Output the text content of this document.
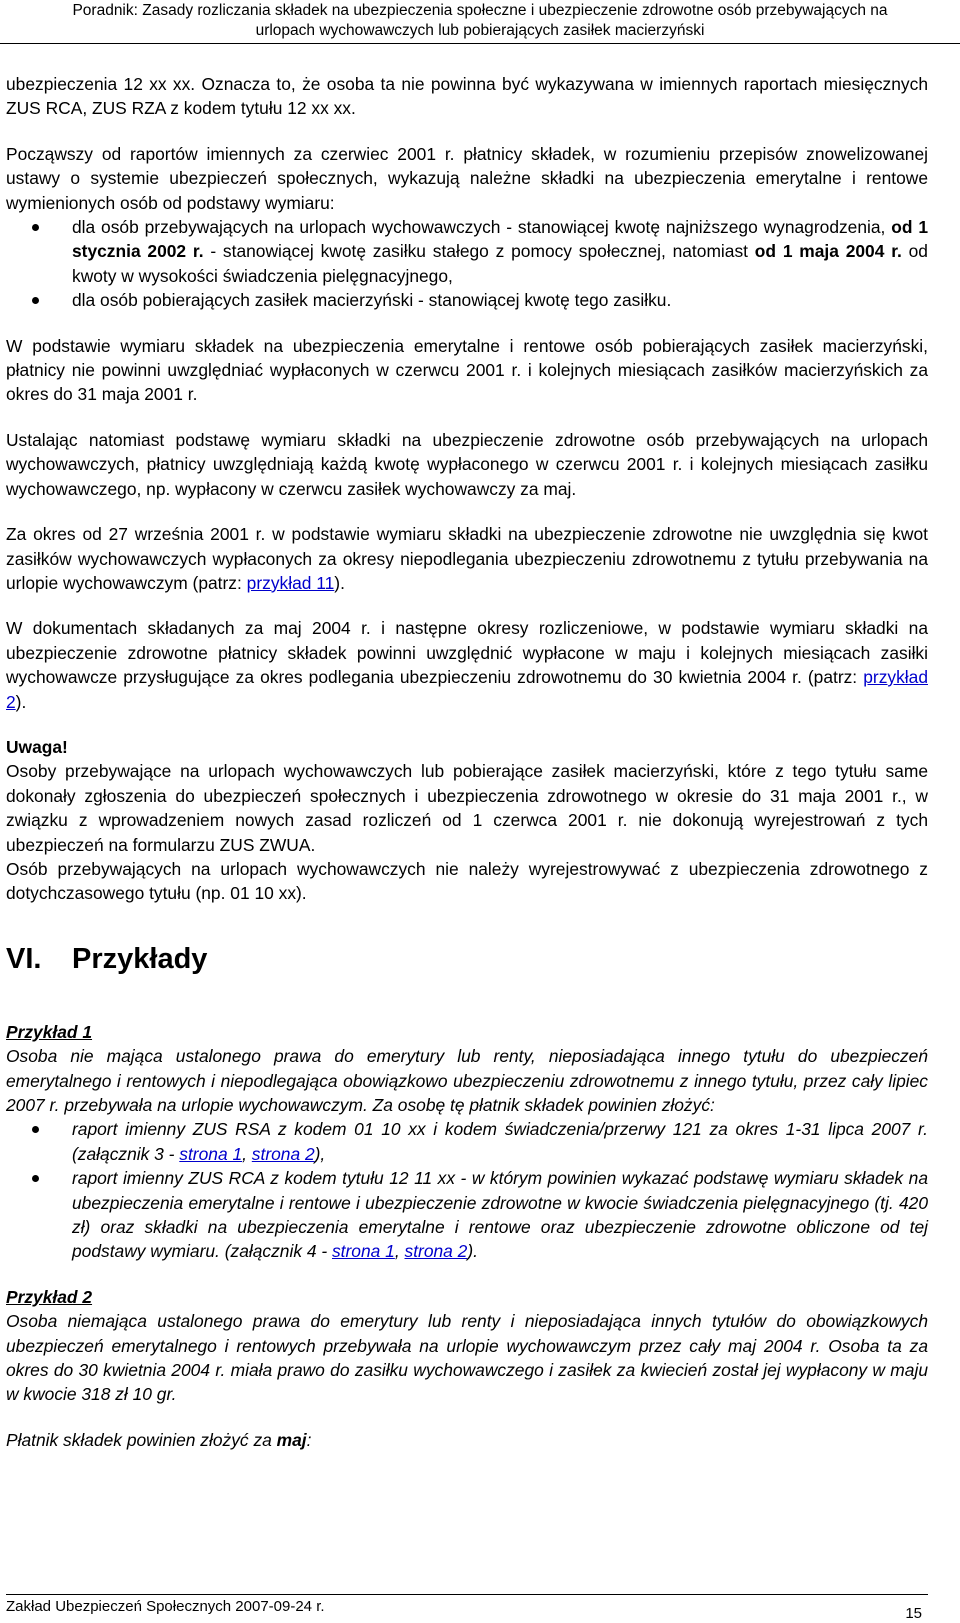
Poradnik: Zasady rozliczania składek na ubezpieczenia społeczne i ubezpieczenie zdrowotne osób przebywających na
urlopach wychowawczych lub pobierających zasiłek macierzyński

ubezpieczenia 12 xx xx. Oznacza to, że osoba ta nie powinna być wykazywana w imiennych raportach miesięcznych ZUS RCA, ZUS RZA z kodem tytułu 12 xx xx.

Począwszy od raportów imiennych za czerwiec 2001 r. płatnicy składek, w rozumieniu przepisów znowelizowanej ustawy o systemie ubezpieczeń społecznych, wykazują należne składki na ubezpieczenia emerytalne i rentowe wymienionych osób od podstawy wymiaru:

dla osób przebywających na urlopach wychowawczych - stanowiącej kwotę najniższego wynagrodzenia, od 1 stycznia 2002 r. - stanowiącej kwotę zasiłku stałego z pomocy społecznej, natomiast od 1 maja 2004 r. od kwoty w wysokości świadczenia pielęgnacyjnego,
dla osób pobierających zasiłek macierzyński - stanowiącej kwotę tego zasiłku.

W podstawie wymiaru składek na ubezpieczenia emerytalne i rentowe osób pobierających zasiłek macierzyński, płatnicy nie powinni uwzględniać wypłaconych w czerwcu 2001 r. i kolejnych miesiącach zasiłków macierzyńskich za okres do 31 maja 2001 r.

Ustalając natomiast podstawę wymiaru składki na ubezpieczenie zdrowotne osób przebywających na urlopach wychowawczych, płatnicy uwzględniają każdą kwotę wypłaconego w czerwcu 2001 r. i kolejnych miesiącach zasiłku wychowawczego, np. wypłacony w czerwcu zasiłek wychowawczy za maj.

Za okres od 27 września 2001 r. w podstawie wymiaru składki na ubezpieczenie zdrowotne nie uwzględnia się kwot zasiłków wychowawczych wypłaconych za okresy niepodlegania ubezpieczeniu zdrowotnemu z tytułu przebywania na urlopie wychowawczym (patrz: przykład 11).

W dokumentach składanych za maj 2004 r. i następne okresy rozliczeniowe, w podstawie wymiaru składki na ubezpieczenie zdrowotne płatnicy składek powinni uwzględnić wypłacone w maju i kolejnych miesiącach zasiłki wychowawcze przysługujące za okres podlegania ubezpieczeniu zdrowotnemu do 30 kwietnia 2004 r. (patrz: przykład 2).

Uwaga!
Osoby przebywające na urlopach wychowawczych lub pobierające zasiłek macierzyński, które z tego tytułu same dokonały zgłoszenia do ubezpieczeń społecznych i ubezpieczenia zdrowotnego w okresie do 31 maja 2001 r., w związku z wprowadzeniem nowych zasad rozliczeń od 1 czerwca 2001 r. nie dokonują wyrejestrowań z tych ubezpieczeń na formularzu ZUS ZWUA.
Osób przebywających na urlopach wychowawczych nie należy wyrejestrowywać z ubezpieczenia zdrowotnego z dotychczasowego tytułu (np. 01 10 xx).

VI. Przykłady

Przykład 1
Osoba nie mająca ustalonego prawa do emerytury lub renty, nieposiadająca innego tytułu do ubezpieczeń emerytalnego i rentowych i niepodlegająca obowiązkowo ubezpieczeniu zdrowotnemu z innego tytułu, przez cały lipiec 2007 r. przebywała na urlopie wychowawczym. Za osobę tę płatnik składek powinien złożyć:

raport imienny ZUS RSA z kodem 01 10 xx i kodem świadczenia/przerwy 121 za okres 1-31 lipca 2007 r. (załącznik 3 - strona 1, strona 2),
raport imienny ZUS RCA z kodem tytułu 12 11 xx - w którym powinien wykazać podstawę wymiaru składek na ubezpieczenia emerytalne i rentowe i ubezpieczenie zdrowotne w kwocie świadczenia pielęgnacyjnego (tj. 420 zł) oraz składki na ubezpieczenia emerytalne i rentowe oraz ubezpieczenie zdrowotne obliczone od tej podstawy wymiaru. (załącznik 4 - strona 1, strona 2).

Przykład 2
Osoba niemająca ustalonego prawa do emerytury lub renty i nieposiadająca innych tytułów do obowiązkowych ubezpieczeń emerytalnego i rentowych przebywała na urlopie wychowawczym przez cały maj 2004 r. Osoba ta za okres do 30 kwietnia 2004 r. miała prawo do zasiłku wychowawczego i zasiłek za kwiecień został jej wypłacony w maju w kwocie 318 zł 10 gr.

Płatnik składek powinien złożyć za maj:

Zakład Ubezpieczeń Społecznych 2007-09-24 r.	15
